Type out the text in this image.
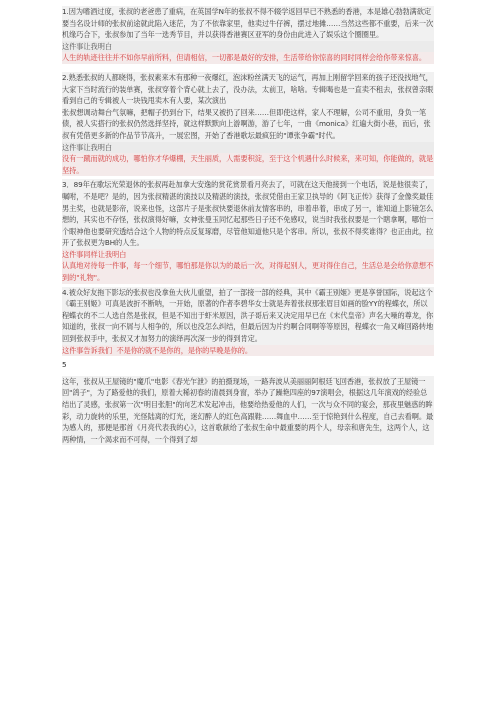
1.因为嗜酒过度，张叔的老爸患了重病，在英国学N年的张叔不得不辍学返回早已不熟悉的香港，本是雄心勃勃满欲定要当名设计师的张叔前途就此陷入迷茫，为了不依靠家里，他卖过牛仔裤，摆过地摊……当然这些都不重要，后来一次机缘巧合下，张叔参加了当年一选秀节目，并以获得香港赛区亚军的身份由此进入了娱乐这个圈圈里。

这件事让我明白

人生的轨迹往往并不如你早前所料，但请相信，一切都是最好的安排，生活带给你惊喜的同时同样会给你带来惊喜。

2.熟悉张叔的人都晓得，张叔素来木有那种一夜爆红，泡沫粉丝满天飞的运气，再加上刚留学回来的孩子还没找地气，大家下当时流行的装单赛，张叔穿着个背心就上去了，没办法，太前卫，啥啥。专辑喝也是一直卖不租去，张叔曾亲眼看到自己的专辑被人一块钱甩卖木有人要，某次演出

张叔想调动舞台气氛嘛，把帽子扔到台下，结果又被扔了回来……但即使这样，家人不理解，公司不重用，身负一笔债，被人实搭行的张叔仍然选择坚持，就这样默默向上游啊游，游了七年，一曲《monica》红遍大街小巷，而后，张叔有凭借更多新的作品节节高升，一展宏图，开始了香港歌坛最疯狂的"谭张争霸"时代。

这件事让我明白

没有一蹴而就的成功，哪怕你才华爆棚，天生丽质，人需要积淀，至于这个机遇什么时候来，来可知，你能做的，就是坚持。

3．89年在歌坛光荣退休的张叔再赴加拿大安逸的赏花赏景看月亮去了，可就在这天他接到一个电话，说是他很卖了，嘱咐，不是吧？是的，因为张叔精湛的演技以及精湛的演技，张叔凭借由王家卫执导的《阿飞正传》获得了金像奖最佳男主奖，也就是影帝，说来也怪，这部片子是张叔快要退休前友情客串的，串着串着，串成了另一，谁知道上影镜怎么想的，其实也不存怪，张叔演得好嘛，女神张曼玉同忆起那些日子还不免感叹，说当时我张叔要是一个瞎拿啊，哪怕一个眼神他也要研究透结合这个人物的特点反复琢磨，尽管他知道他只是个客串。所以，张叔不得奖谁得？也正由此，拉开了张叔更为BH的人生。

这件事同样让我明白

认真地对待每一件事，每一个细节，哪怕那是你以为的最后一次，对得起别人，更对得住自己，生活总是会给你意想不到的"礼物"。

4.被众好友拖下影坛的张叔也没拿鱼大伙儿重望，拍了一部接一部的经典，其中《霸王别姬》更是享誉国际，说起这个《霸王别姬》可真是波折不断呐，一开始，原著的作者李碧华女士就是奔着张叔那张眉目如画的脸YY的程蝶衣，所以程蝶衣的不二人选自然是张叔，但是不知出于虾米原因，洪子哥后来又决定用早已在《末代皇帝》声名大噪的尊龙，你知道的，张叔一向不屑与人相争的，所以也没怎么纠结，但最后因为片约啊合同啊等等原因，程蝶衣一角又峰回路转地回到张叔手中，张叔又才加努力的演绎再次深一步的得到肯定。

这件事告诉我们 不是你的就不是你的，是你的早晚是你的。

5

这年，张叔从王屋镜的"魔爪"电影《春光乍泄》的拍摄现场，一路奔波从美丽丽阿根廷飞回香港，张叔放了王屋镜一回"鸽子"，为了路爱他的我们，原着大稀初春的清晨到身窗，举办了躁艳四座的97演唱会，根据这几年演戏的经验总结出了灵感，张叔第一次"明目张胆"的向艺术发起冲击，他要给热爱他的人们，一次与众不同的宴会，那夜里魅惑的眸彩，动力旋转的乐里，光怪陆离的灯光，迷幻醉人的红色高跟鞋……舞血中……至于惊艳到什么程度，自己去看啊。最为感人的，那便是那首《月亮代表我的心》，这首歌献给了张叔生命中最重要的两个人，母亲和唐先生，这两个人，这两种情，一个渴求而不可得，一个得到了却
